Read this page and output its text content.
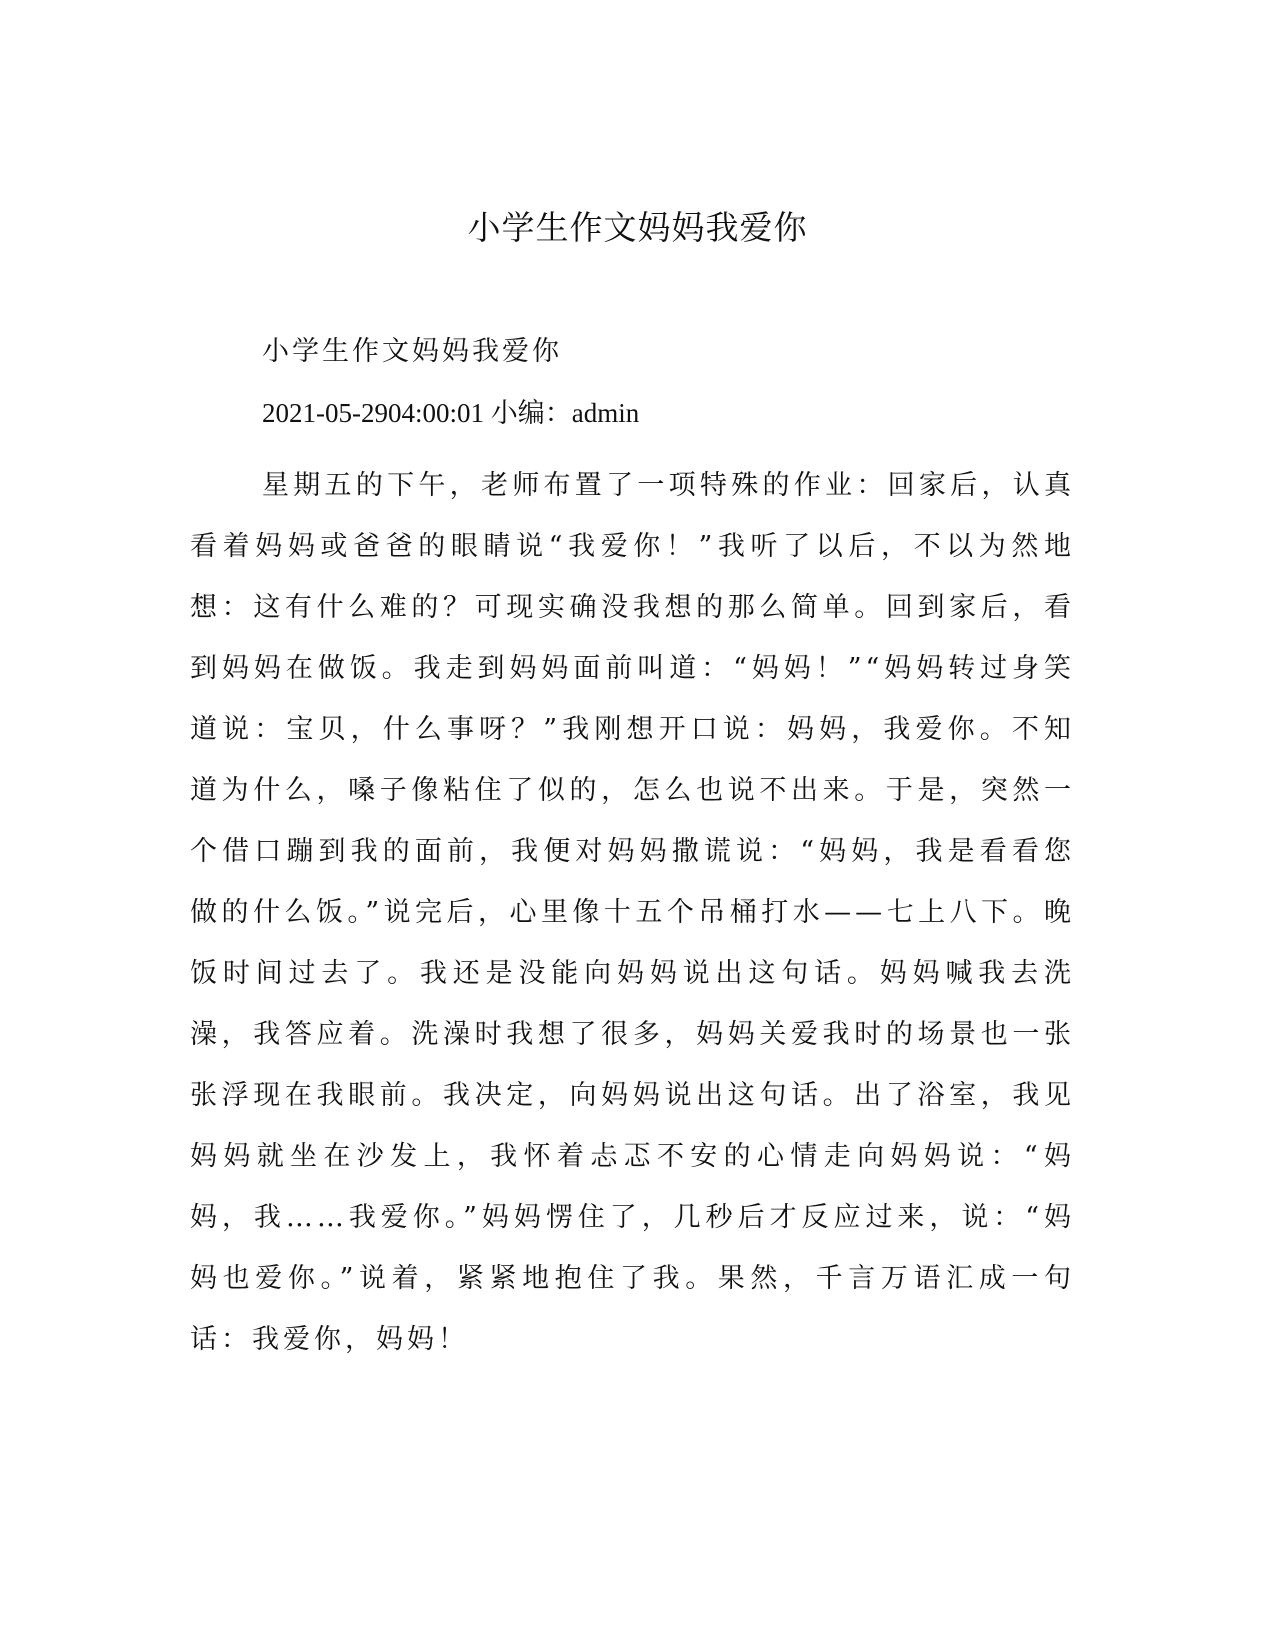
小学生作文妈妈我爱你

小学生作文妈妈我爱你

2021-05-2904:00:01 小编：admin

星期五的下午，老师布置了一项特殊的作业：回家后，认真看着妈妈或爸爸的眼睛说“我爱你！”我听了以后，不以为然地想：这有什么难的？可现实确没我想的那么简单。回到家后，看到妈妈在做饭。我走到妈妈面前叫道：“妈妈！”“妈妈转过身笑道说：宝贝，什么事呀？”我刚想开口说：妈妈，我爱你。不知道为什么，嗓子像粘住了似的，怎么也说不出来。于是，突然一个借口蹦到我的面前，我便对妈妈撒谎说：“妈妈，我是看看您做的什么饭。”说完后，心里像十五个吊桶打水——七上八下。晚饭时间过去了。我还是没能向妈妈说出这句话。妈妈喊我去洗澡，我答应着。洗澡时我想了很多，妈妈关爱我时的场景也一张张浮现在我眼前。我决定，向妈妈说出这句话。出了浴室，我见妈妈就坐在沙发上，我怀着忐忑不安的心情走向妈妈说：“妈妈，我……我爱你。”妈妈愣住了，几秒后才反应过来，说：“妈妈也爱你。”说着，紧紧地抱住了我。果然，千言万语汇成一句话：我爱你，妈妈！
